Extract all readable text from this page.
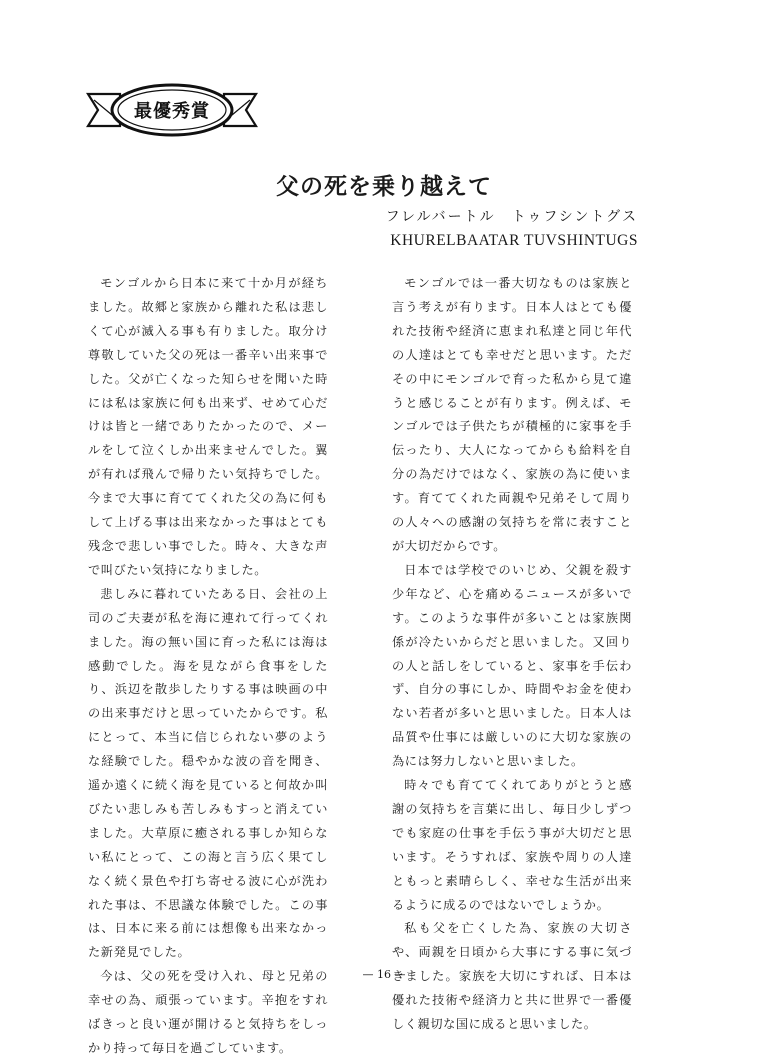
最優秀賞
父の死を乗り越えて
フレルバートル　トゥフシントグス
KHURELBAATAR TUVSHINTUGS

モンゴルから日本に来て十か月が経ちました。故郷と家族から離れた私は悲しくて心が滅入る事も有りました。取分け尊敬していた父の死は一番辛い出来事でした。父が亡くなった知らせを聞いた時には私は家族に何も出来ず、せめて心だけは皆と一緒でありたかったので、メールをして泣くしか出来ませんでした。翼が有れば飛んで帰りたい気持ちでした。今まで大事に育ててくれた父の為に何もして上げる事は出来なかった事はとても残念で悲しい事でした。時々、大きな声で叫びたい気持になりました。

悲しみに暮れていたある日、会社の上司のご夫妻が私を海に連れて行ってくれました。海の無い国に育った私には海は感動でした。海を見ながら食事をしたり、浜辺を散歩したりする事は映画の中の出来事だけと思っていたからです。私にとって、本当に信じられない夢のような経験でした。穏やかな波の音を聞き、遥か遠くに続く海を見ていると何故か叫びたい悲しみも苦しみもすっと消えていました。大草原に癒される事しか知らない私にとって、この海と言う広く果てしなく続く景色や打ち寄せる波に心が洗われた事は、不思議な体験でした。この事は、日本に来る前には想像も出来なかった新発見でした。

今は、父の死を受け入れ、母と兄弟の幸せの為、頑張っています。辛抱をすればきっと良い運が開けると気持ちをしっかり持って毎日を過ごしています。

モンゴルでは一番大切なものは家族と言う考えが有ります。日本人はとても優れた技術や経済に恵まれ私達と同じ年代の人達はとても幸せだと思います。ただその中にモンゴルで育った私から見て違うと感じることが有ります。例えば、モンゴルでは子供たちが積極的に家事を手伝ったり、大人になってからも給料を自分の為だけではなく、家族の為に使います。育ててくれた両親や兄弟そして周りの人々への感謝の気持ちを常に表すことが大切だからです。

日本では学校でのいじめ、父親を殺す少年など、心を痛めるニュースが多いです。このような事件が多いことは家族関係が冷たいからだと思いました。又回りの人と話しをしていると、家事を手伝わず、自分の事にしか、時間やお金を使わない若者が多いと思いました。日本人は品質や仕事には厳しいのに大切な家族の為には努力しないと思いました。

時々でも育ててくれてありがとうと感謝の気持ちを言葉に出し、毎日少しずつでも家庭の仕事を手伝う事が大切だと思います。そうすれば、家族や周りの人達ともっと素晴らしく、幸せな生活が出来るように成るのではないでしょうか。

私も父を亡くした為、家族の大切さや、両親を日頃から大事にする事に気づきました。家族を大切にすれば、日本は優れた技術や経済力と共に世界で一番優しく親切な国に成ると思いました。

— 16 —
